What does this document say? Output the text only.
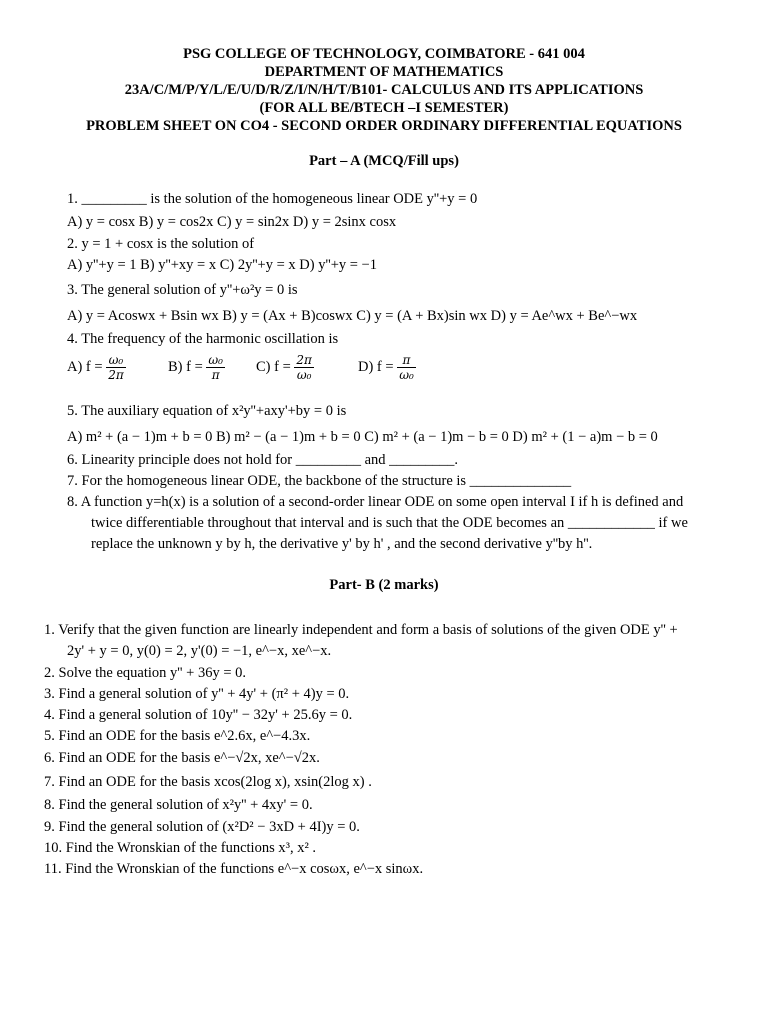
PSG COLLEGE OF TECHNOLOGY, COIMBATORE - 641 004
DEPARTMENT OF MATHEMATICS
23A/C/M/P/Y/L/E/U/D/R/Z/I/N/H/T/B101- CALCULUS AND ITS APPLICATIONS
(FOR ALL BE/BTECH –I SEMESTER)
PROBLEM SHEET ON CO4 - SECOND ORDER ORDINARY DIFFERENTIAL EQUATIONS
Part – A (MCQ/Fill ups)
1. _________ is the solution of the homogeneous linear ODE y''+y = 0
A) y = cosx B) y = cos2x C) y = sin2x D) y = 2sinx cosx
2. y = 1 + cosx is the solution of
A) y''+y = 1 B) y''+xy = x C) 2y''+y = x D) y''+y = −1
3. The general solution of y''+ω²y = 0 is
A) y = Acoswx + Bsin wx B) y = (Ax + B)coswx C) y = (A + Bx)sin wx D) y = Ae^wx + Be^−wx
4. The frequency of the harmonic oscillation is
A) $f = \frac{\text{ω₀}}{2\pi}$	B) $f = \frac{\text{ω₀}}{\pi} C$) $f = \frac{2\pi}{\text{ω₀}}$	D) $f = \frac{\pi}{\text{ω₀}}$
5. The auxiliary equation of x²y''+axy'+by = 0 is
A) m² + (a − 1)m + b = 0 B) m² − (a − 1)m + b = 0 C) m² + (a − 1)m − b = 0 D) m² + (1 − a)m − b = 0
6. Linearity principle does not hold for _________ and _________.
7. For the homogeneous linear ODE, the backbone of the structure is ______________
8. A function y=h(x) is a solution of a second-order linear ODE on some open interval I if h is defined and
twice differentiable throughout that interval and is such that the ODE becomes an ____________ if we
replace the unknown y by h, the derivative y' by h' , and the second derivative y''by h''.
Part- B (2 marks)
1. Verify that the given function are linearly independent and form a basis of solutions of the given ODE y'' +
2y' + y = 0, y(0) = 2, y'(0) = −1, e^−x, xe^−x.
2. Solve the equation y'' + 36y = 0.
3. Find a general solution of y'' + 4y' + (π² + 4)y = 0.
4. Find a general solution of 10y'' − 32y' + 25.6y = 0.
5. Find an ODE for the basis e^2.6x, e^−4.3x.
6. Find an ODE for the basis e^−√2x, xe^−√2x.
7. Find an ODE for the basis xcos(2log x), xsin(2log x) .
8. Find the general solution of x²y'' + 4xy' = 0.
9. Find the general solution of (x²D² − 3xD + 4I)y = 0.
10. Find the Wronskian of the functions x³, x² .
11. Find the Wronskian of the functions e^−x cosωx, e^−x sinωx.
